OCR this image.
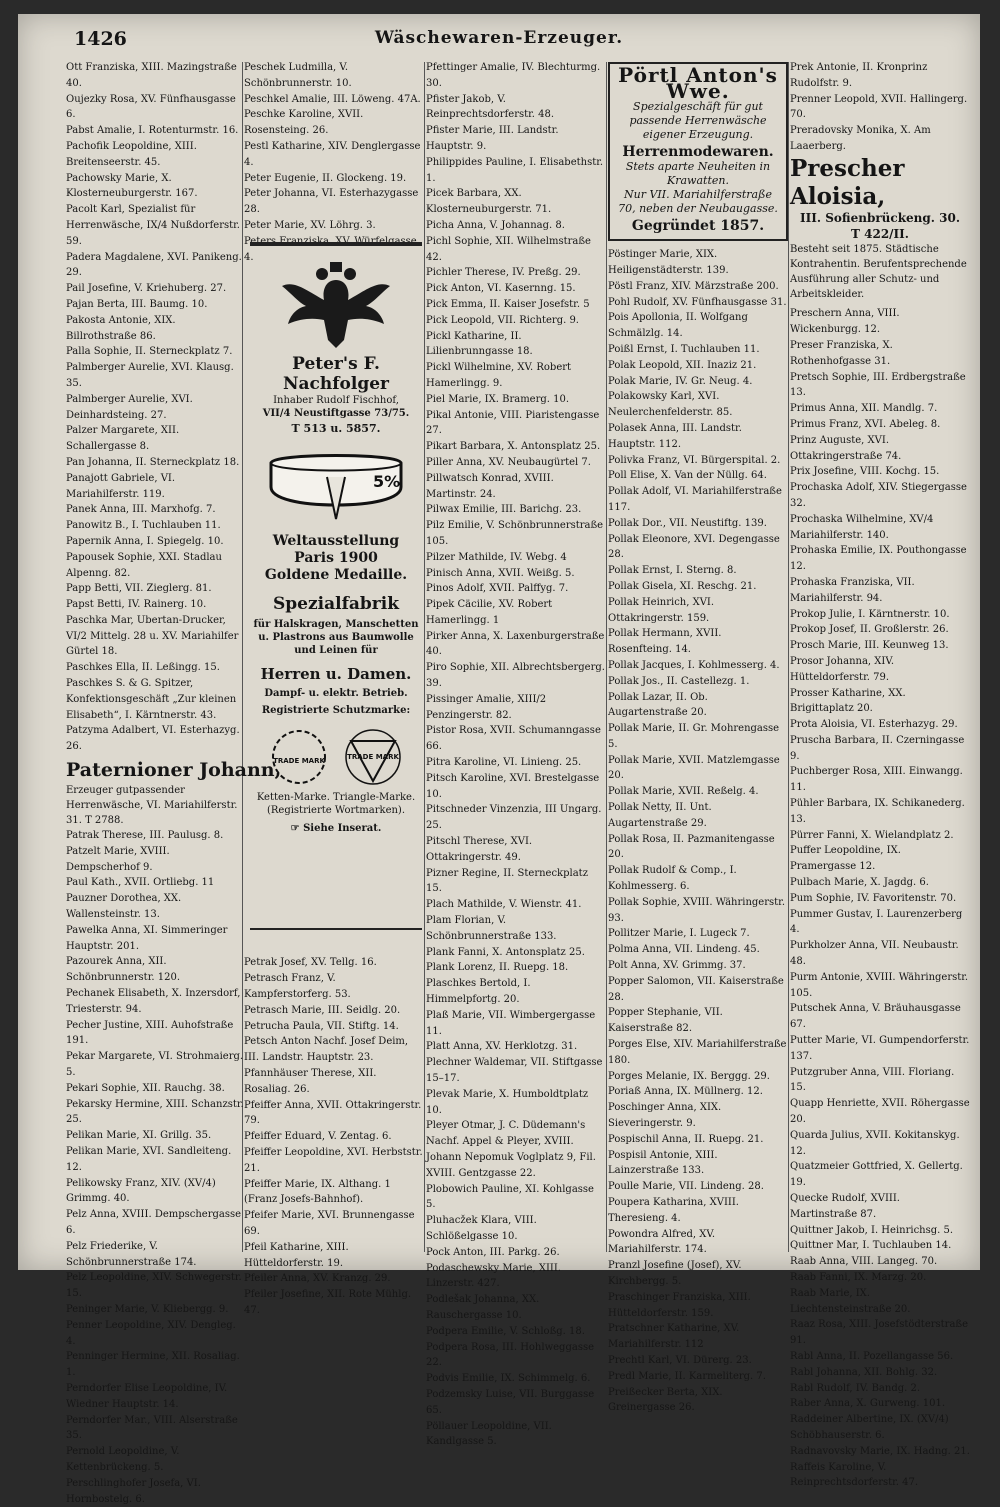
1426	Wäschewaren-Erzeuger.

Ott Franziska, XIII. Mazingstraße 40.

Oujezky Rosa, XV. Fünfhausgasse 6.

Pabst Amalie, I. Rotenturmstr. 16.

Pachofik Leopoldine, XIII. Breitenseerstr. 45.

Pachowsky Marie, X. Klosterneuburgerstr. 167.

Pacolt Karl, Spezialist für Herrenwäsche, IX/4 Nußdorferstr. 59.

Padera Magdalene, XVI. Panikeng. 29.

Pail Josefine, V. Kriehuberg. 27.

Pajan Berta, III. Baumg. 10.

Pakosta Antonie, XIX. Billrothstraße 86.

Palla Sophie, II. Sterneckplatz 7.

Palmberger Aurelie, XVI. Klausg. 35.

Palmberger Aurelie, XVI. Deinhardsteing. 27.

Palzer Margarete, XII. Schallergasse 8.

Pan Johanna, II. Sterneckplatz 18.

Panajott Gabriele, VI. Mariahilferstr. 119.

Panek Anna, III. Marxhofg. 7.

Panowitz B., I. Tuchlauben 11.

Papernik Anna, I. Spiegelg. 10.

Papousek Sophie, XXI. Stadlau Alpenng. 82.

Papp Betti, VII. Zieglerg. 81.

Papst Betti, IV. Rainerg. 10.

Paschka Mar, Ubertan-Drucker, VI/2 Mittelg. 28 u. XV. Mariahilfer Gürtel 18.

Paschkes Ella, II. Leßingg. 15.

Paschkes S. & G. Spitzer, Konfektionsgeschäft „Zur kleinen Elisabeth“, I. Kärntnerstr. 43.

Patzyma Adalbert, VI. Esterhazyg. 26.

Paternioner Johann,

Erzeuger gutpassender Herrenwäsche, VI. Mariahilferstr. 31. T 2788.

Patrak Therese, III. Paulusg. 8.

Patzelt Marie, XVIII. Dempscherhof 9.

Paul Kath., XVII. Ortliebg. 11

Pauzner Dorothea, XX. Wallensteinstr. 13.

Pawelka Anna, XI. Simmeringer Hauptstr. 201.

Pazourek Anna, XII. Schönbrunnerstr. 120.

Pechanek Elisabeth, X. Inzersdorf, Triesterstr. 94.

Pecher Justine, XIII. Auhofstraße 191.

Pekar Margarete, VI. Strohmaierg. 5.

Pekari Sophie, XII. Rauchg. 38.

Pekarsky Hermine, XIII. Schanzstr. 25.

Pelikan Marie, XI. Grillg. 35.

Pelikan Marie, XVI. Sandleiteng. 12.

Pelikowsky Franz, XIV. (XV/4) Grimmg. 40.

Pelz Anna, XVIII. Dempschergasse 6.

Pelz Friederike, V. Schönbrunnerstraße 174.

Pelz Leopoldine, XIV. Schwegerstr. 15.

Peninger Marie, V. Kliebergg. 9.

Penner Leopoldine, XIV. Dengleg. 4.

Penninger Hermine, XII. Rosaliag. 1.

Perndorfer Elise Leopoldine, IV. Wiedner Hauptstr. 14.

Perndorfer Mar., VIII. Alserstraße 35.

Pernold Leopoldine, V. Kettenbrückeng. 5.

Perschlinghofer Josefa, VI. Hornbostelg. 6.

Peschek Ludmilla, V. Schönbrunnerstr. 10.

Peschkel Amalie, III. Löweng. 47A.

Peschke Karoline, XVII. Rosensteing. 26.

Pestl Katharine, XIV. Denglergasse 4.

Peter Eugenie, II. Glockeng. 19.

Peter Johanna, VI. Esterhazygasse 28.

Peter Marie, XV. Löhrg. 3.

Peters Franziska, XV. Würfelgasse 4.

Petrak Josef, XV. Tellg. 16.

Petrasch Franz, V. Kampferstorferg. 53.

Petrasch Marie, III. Seidlg. 20.

Petrucha Paula, VII. Stiftg. 14.

Petsch Anton Nachf. Josef Deim, III. Landstr. Hauptstr. 23.

Pfannhäuser Therese, XII. Rosaliag. 26.

Pfeiffer Anna, XVII. Ottakringerstr. 79.

Pfeiffer Eduard, V. Zentag. 6.

Pfeiffer Leopoldine, XVI. Herbststr. 21.

Pfeiffer Marie, IX. Althang. 1 (Franz Josefs-Bahnhof).

Pfeifer Marie, XVI. Brunnengasse 69.

Pfeil Katharine, XIII. Hütteldorferstr. 19.

Pfeiler Anna, XV. Kranzg. 29.

Pfeiler Josefine, XII. Rote Mühlg. 47.

Peter's F. Nachfolger
Inhaber Rudolf Fischhof,
VII/4 Neustiftgasse 73/75.
T 513 u. 5857.
5%
Weltausstellung
Paris 1900
Goldene Medaille.
Spezialfabrik
für Halskragen, Manschetten u. Plastrons aus Baumwolle und Leinen für
Herren u. Damen.
Dampf- u. elektr. Betrieb.
Registrierte Schutzmarke:
TRADE MARK	TRADE MARK
Ketten-Marke. Triangle-Marke. (Registrierte Wortmarken).
☞ Siehe Inserat.

Pfettinger Amalie, IV. Blechturmg. 30.

Pfister Jakob, V. Reinprechtsdorferstr. 48.

Pfister Marie, III. Landstr. Hauptstr. 9.

Philippides Pauline, I. Elisabethstr. 1.

Picek Barbara, XX. Klosterneuburgerstr. 71.

Picha Anna, V. Johannag. 8.

Pichl Sophie, XII. Wilhelmstraße 42.

Pichler Therese, IV. Preßg. 29.

Pick Anton, VI. Kasernng. 15.

Pick Emma, II. Kaiser Josefstr. 5

Pick Leopold, VII. Richterg. 9.

Pickl Katharine, II. Lilienbrunngasse 18.

Pickl Wilhelmine, XV. Robert Hamerlingg. 9.

Piel Marie, IX. Bramerg. 10.

Pikal Antonie, VIII. Piaristengasse 27.

Pikart Barbara, X. Antonsplatz 25.

Piller Anna, XV. Neubaugürtel 7.

Pillwatsch Konrad, XVIII. Martinstr. 24.

Pilwax Emilie, III. Barichg. 23.

Pilz Emilie, V. Schönbrunnerstraße 105.

Pilzer Mathilde, IV. Webg. 4

Pinisch Anna, XVII. Weißg. 5.

Pinos Adolf, XVII. Palffyg. 7.

Pipek Cäcilie, XV. Robert Hamerlingg. 1

Pirker Anna, X. Laxenburgerstraße 40.

Piro Sophie, XII. Albrechtsbergerg. 39.

Pissinger Amalie, XIII/2 Penzingerstr. 82.

Pistor Rosa, XVII. Schumanngasse 66.

Pitra Karoline, VI. Linieng. 25.

Pitsch Karoline, XVI. Brestelgasse 10.

Pitschneder Vinzenzia, III Ungarg. 25.

Pitschl Therese, XVI. Ottakringerstr. 49.

Pizner Regine, II. Sterneckplatz 15.

Plach Mathilde, V. Wienstr. 41.

Plam Florian, V. Schönbrunnerstraße 133.

Plank Fanni, X. Antonsplatz 25.

Plank Lorenz, II. Ruepg. 18.

Plaschkes Bertold, I. Himmelpfortg. 20.

Plaß Marie, VII. Wimbergergasse 11.

Platt Anna, XV. Herklotzg. 31.

Plechner Waldemar, VII. Stiftgasse 15–17.

Plevak Marie, X. Humboldtplatz 10.

Pleyer Otmar, J. C. Düdemann's Nachf. Appel & Pleyer, XVIII. Johann Nepomuk Voglplatz 9, Fil. XVIII. Gentzgasse 22.

Plobowich Pauline, XI. Kohlgasse 5.

Pluhacžek Klara, VIII. Schlößelgasse 10.

Pock Anton, III. Parkg. 26.

Podaschewsky Marie, XIII. Linzerstr. 427.

Podlešak Johanna, XX. Rauschergasse 10.

Podpera Emilie, V. Schloßg. 18.

Podpera Rosa, III. Hohlweggasse 22.

Podvis Emilie, IX. Schimmelg. 6.

Podzemsky Luise, VII. Burggasse 65.

Pöllauer Leopoldine, VII. Kandlgasse 5.

Pörtl Anton's Wwe.
Spezialgeschäft für gut passende Herrenwäsche eigener Erzeugung.
Herrenmodewaren.
Stets aparte Neuheiten in Krawatten.
Nur VII. Mariahilferstraße 70, neben der Neubaugasse.
Gegründet 1857.

Pöstinger Marie, XIX. Heiligenstädterstr. 139.

Pöstl Franz, XIV. Märzstraße 200.

Pohl Rudolf, XV. Fünfhausgasse 31.

Pois Apollonia, II. Wolfgang Schmälzlg. 14.

Poißl Ernst, I. Tuchlauben 11.

Polak Leopold, XII. Inaziz 21.

Polak Marie, IV. Gr. Neug. 4.

Polakowsky Karl, XVI. Neulerchenfelderstr. 85.

Polasek Anna, III. Landstr. Hauptstr. 112.

Polivka Franz, VI. Bürgerspital. 2.

Poll Elise, X. Van der Nüllg. 64.

Pollak Adolf, VI. Mariahilferstraße 117.

Pollak Dor., VII. Neustiftg. 139.

Pollak Eleonore, XVI. Degengasse 28.

Pollak Ernst, I. Sterng. 8.

Pollak Gisela, XI. Reschg. 21.

Pollak Heinrich, XVI. Ottakringerstr. 159.

Pollak Hermann, XVII. Rosenfteing. 14.

Pollak Jacques, I. Kohlmesserg. 4.

Pollak Jos., II. Castellezg. 1.

Pollak Lazar, II. Ob. Augartenstraße 20.

Pollak Marie, II. Gr. Mohrengasse 5.

Pollak Marie, XVII. Matzlemgasse 20.

Pollak Marie, XVII. Reßelg. 4.

Pollak Netty, II. Unt. Augartenstraße 29.

Pollak Rosa, II. Pazmanitengasse 20.

Pollak Rudolf & Comp., I. Kohlmesserg. 6.

Pollak Sophie, XVIII. Währingerstr. 93.

Pollitzer Marie, I. Lugeck 7.

Polma Anna, VII. Lindeng. 45.

Polt Anna, XV. Grimmg. 37.

Popper Salomon, VII. Kaiserstraße 28.

Popper Stephanie, VII. Kaiserstraße 82.

Porges Else, XIV. Mariahilferstraße 180.

Porges Melanie, IX. Berggg. 29.

Poriaß Anna, IX. Müllnerg. 12.

Poschinger Anna, XIX. Sieveringerstr. 9.

Pospischil Anna, II. Ruepg. 21.

Pospisil Antonie, XIII. Lainzerstraße 133.

Poulle Marie, VII. Lindeng. 28.

Poupera Katharina, XVIII. Theresieng. 4.

Powondra Alfred, XV. Mariahilferstr. 174.

Pranzl Josefine (Josef), XV. Kirchbergg. 5.

Praschinger Franziska, XIII. Hütteldorferstr. 159.

Pratschner Katharine, XV. Mariahilferstr. 112

Prechtl Karl, VI. Dürerg. 23.

Predl Marie, II. Karmeliterg. 7.

Preißecker Berta, XIX. Greinergasse 26.

Prek Antonie, II. Kronprinz Rudolfstr. 9.

Prenner Leopold, XVII. Hallingerg. 70.

Preradovsky Monika, X. Am Laaerberg.

Prescher Aloisia,
III. Sofienbrückeng. 30.
T 422/II.

Besteht seit 1875. Städtische Kontrahentin. Berufentsprechende Ausführung aller Schutz- und Arbeitskleider.

Preschern Anna, VIII. Wickenburgg. 12.

Preser Franziska, X. Rothenhofgasse 31.

Pretsch Sophie, III. Erdbergstraße 13.

Primus Anna, XII. Mandlg. 7.

Primus Franz, XVI. Abeleg. 8.

Prinz Auguste, XVI. Ottakringerstraße 74.

Prix Josefine, VIII. Kochg. 15.

Prochaska Adolf, XIV. Stiegergasse 32.

Prochaska Wilhelmine, XV/4 Mariahilferstr. 140.

Prohaska Emilie, IX. Pouthongasse 12.

Prohaska Franziska, VII. Mariahilferstr. 94.

Prokop Julie, I. Kärntnerstr. 10.

Prokop Josef, II. Großlerstr. 26.

Prosch Marie, III. Keunweg 13.

Prosor Johanna, XIV. Hütteldorferstr. 79.

Prosser Katharine, XX. Brigittaplatz 20.

Prota Aloisia, VI. Esterhazyg. 29.

Pruscha Barbara, II. Czerningasse 9.

Puchberger Rosa, XIII. Einwangg. 11.

Pühler Barbara, IX. Schikanederg. 13.

Pürrer Fanni, X. Wielandplatz 2.

Puffer Leopoldine, IX. Pramergasse 12.

Pulbach Marie, X. Jagdg. 6.

Pum Sophie, IV. Favoritenstr. 70.

Pummer Gustav, I. Laurenzerberg 4.

Purkholzer Anna, VII. Neubaustr. 48.

Purm Antonie, XVIII. Währingerstr. 105.

Putschek Anna, V. Bräuhausgasse 67.

Putter Marie, VI. Gumpendorferstr. 137.

Putzgruber Anna, VIII. Floriang. 15.

Quapp Henriette, XVII. Röhergasse 20.

Quarda Julius, XVII. Kokitanskyg. 12.

Quatzmeier Gottfried, X. Gellertg. 19.

Quecke Rudolf, XVIII. Martinstraße 87.

Quittner Jakob, I. Heinrichsg. 5.

Quittner Mar, I. Tuchlauben 14.

Raab Anna, VIII. Langeg. 70.

Raab Fanni, IX. Marzg. 20.

Raab Marie, IX. Liechtensteinstraße 20.

Raaz Rosa, XIII. Josefstödterstraße 91.

Rabl Anna, II. Pozellangasse 56.

Rabl Johanna, XII. Bohlg. 32.

Rabl Rudolf, IV. Bandg. 2.

Raber Anna, X. Gurweng. 101.

Raddeiner Albertine, IX. (XV/4) Schöbhauserstr. 6.

Radnavovsky Marie, IX. Hadng. 21.

Raffeis Karoline, V. Reinprechtsdorferstr. 47.
